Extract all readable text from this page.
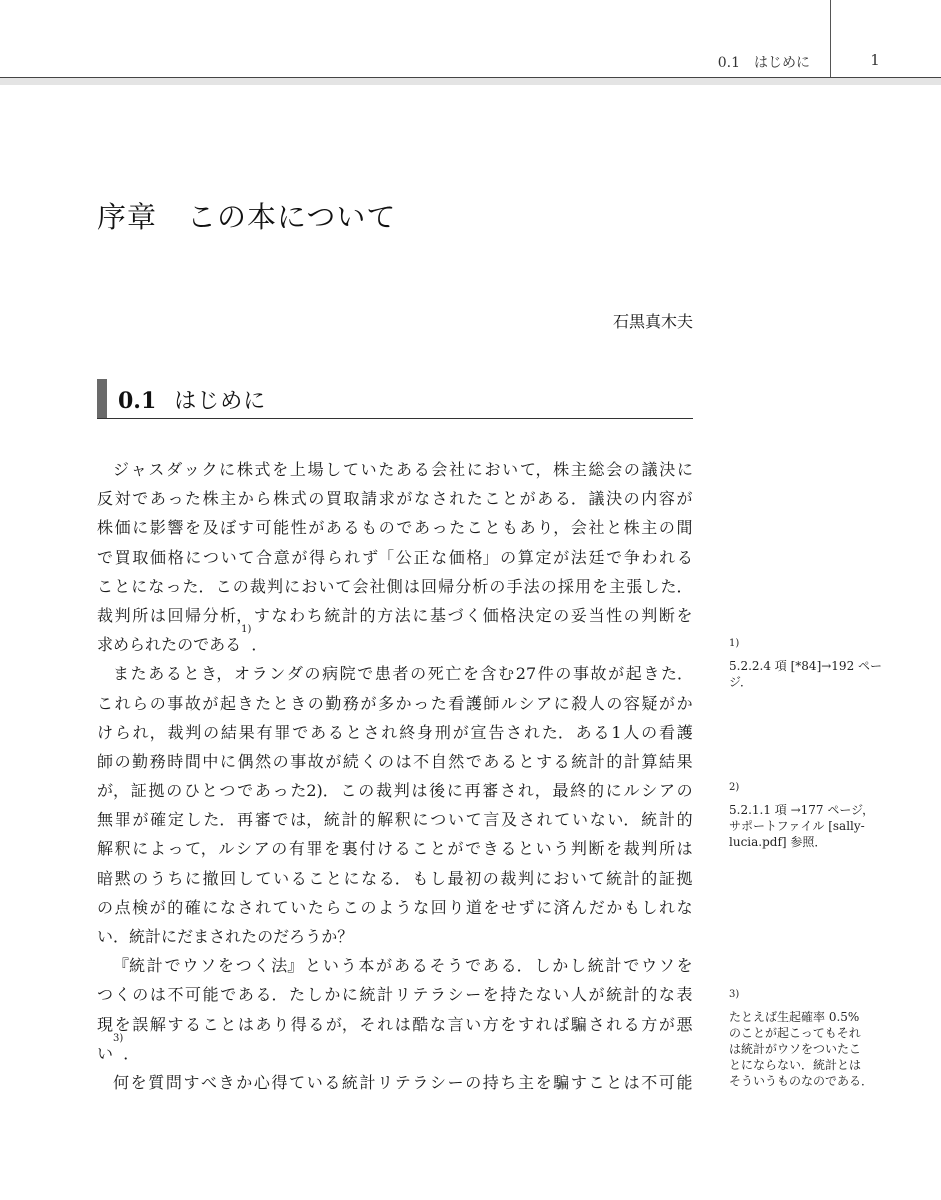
0.1　はじめに	1
序章　この本について
石黒真木夫
0.1 はじめに
ジ ャ ス ダ ッ ク に 株 式 を 上 場 し て い た あ る 会 社 に お い て， 株 主 総 会 の 議 決 に
反 対 で あ っ た 株 主 か ら 株 式 の 買 取 請 求 が な さ れ た こ と が あ る． 議 決 の 内 容 が
株 価 に 影 響 を 及 ぼ す 可 能 性 が あ る も の で あ っ た こ と も あ り， 会 社 と 株 主 の 間
で 買 取 価 格 に つ い て 合 意 が 得 ら れ ず「 公 正 な 価 格」 の 算 定 が 法 廷 で 争 わ れ る
こ と に な っ た． こ の 裁 判 に お い て 会 社 側 は 回 帰 分 析 の 手 法 の 採 用 を 主 張 し た．
裁 判 所 は 回 帰 分 析， す な わ ち 統 計 的 方 法 に 基 づ く 価 格 決 定 の 妥 当 性 の 判 断 を
求 め ら れ た の で あ る
1)
．
ま た あ る と き， オ ラ ン ダ の 病 院 で 患 者 の 死 亡 を 含 む 27 件 の 事 故 が 起 き た．
こ れ ら の 事 故 が 起 き た と き の 勤 務 が 多 か っ た 看 護 師 ル シ ア に 殺 人 の 容 疑 が か
け ら れ， 裁 判 の 結 果 有 罪 で あ る と さ れ 終 身 刑 が 宣 告 さ れ た． あ る 1 人 の 看 護
師 の 勤 務 時 間 中 に 偶 然 の 事 故 が 続 く の は 不 自 然 で あ る と す る 統 計 的 計 算 結 果
が， 証 拠 の ひ と つ で あ っ た2)． こ の 裁 判 は 後 に 再 審 さ れ， 最 終 的 に ル シ ア の
無 罪 が 確 定 し た． 再 審 で は， 統 計 的 解 釈 に つ い て 言 及 さ れ て い な い． 統 計 的
解 釈 に よ っ て， ル シ ア の 有 罪 を 裏 付 け る こ と が で き る と い う 判 断 を 裁 判 所 は
暗 黙 の う ち に 撤 回 し て い る こ と に な る． も し 最 初 の 裁 判 に お い て 統 計 的 証 拠
の 点 検 が 的 確 に な さ れ て い た ら こ の よ う な 回 り 道 を せ ず に 済 ん だ か も し れ な
い． 統 計 に だ ま さ れ た の だ ろ う か？
『統 計 で ウ ソ を つ く 法』 と い う 本 が あ る そ う で あ る． し か し 統 計 で ウ ソ を
つ く の は 不 可 能 で あ る． た し か に 統 計 リ テ ラ シ ー を 持 た な い 人 が 統 計 的 な 表
現 を 誤 解 す る こ と は あ り 得 る が， そ れ は 酷 な 言 い 方 を す れ ば 騙 さ れ る 方 が 悪
い
3)
．
何 を 質 問 す べ き か 心 得 て い る 統 計 リ テ ラ シ ー の 持 ち 主 を 騙 す こ と は 不 可 能
1)
5.2.2.4 項 [*84]→192 ペー
ジ．
2)
5.2.1.1 項 →177 ページ，
サポートファイル [sally-
lucia.pdf] 参照．
3)
たとえば生起確率 0.5%
のことが起こってもそれ
は統計がウソをついたこ
とにならない．統計とは
そういうものなのである．
